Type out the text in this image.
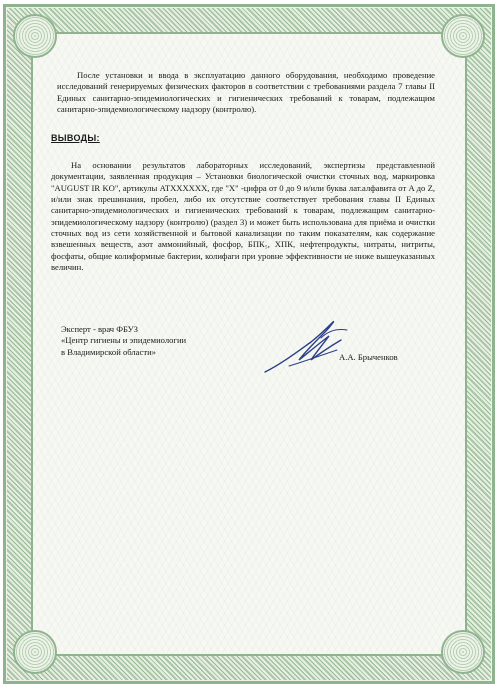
После установки и ввода в эксплуатацию данного оборудования, необходимо проведение исследований генерируемых физических факторов в соответствии с требованиями раздела 7 главы II Единых санитарно-эпидемиологических и гигиенических требований к товарам, подлежащим санитарно-эпидемиологическому надзору (контролю).

ВЫВОДЫ:

На основании результатов лабораторных исследований, экспертизы представленной документации, заявленная продукция – Установки биологической очистки сточных вод, маркировка "AUGUST IR KO", артикулы ATXXXXXX, где "X" -цифра от 0 до 9 и/или буква лат.алфавита от A до Z, и/или знак прешинания, пробел, либо их отсутствие соответствует требования главы II Единых санитарно-эпидемиологических и гигиенических требований к товарам, подлежащим санитарно-эпидемиологическому надзору (контролю) (раздел 3) и может быть использована для приёма и очистки сточных вод из сети хозяйственной и бытовой канализации по таким показателям, как содержание взвешенных веществ, азот аммонийный, фосфор, БПК₅, ХПК, нефтепродукты, нитраты, нитриты, фосфаты, общие колиформные бактерии, колифаги при уровне эффективности не ниже вышеуказанных величин.

Эксперт - врач ФБУЗ
«Центр гигиены и эпидемиологии
в Владимирской области»
А.А. Брыченков
